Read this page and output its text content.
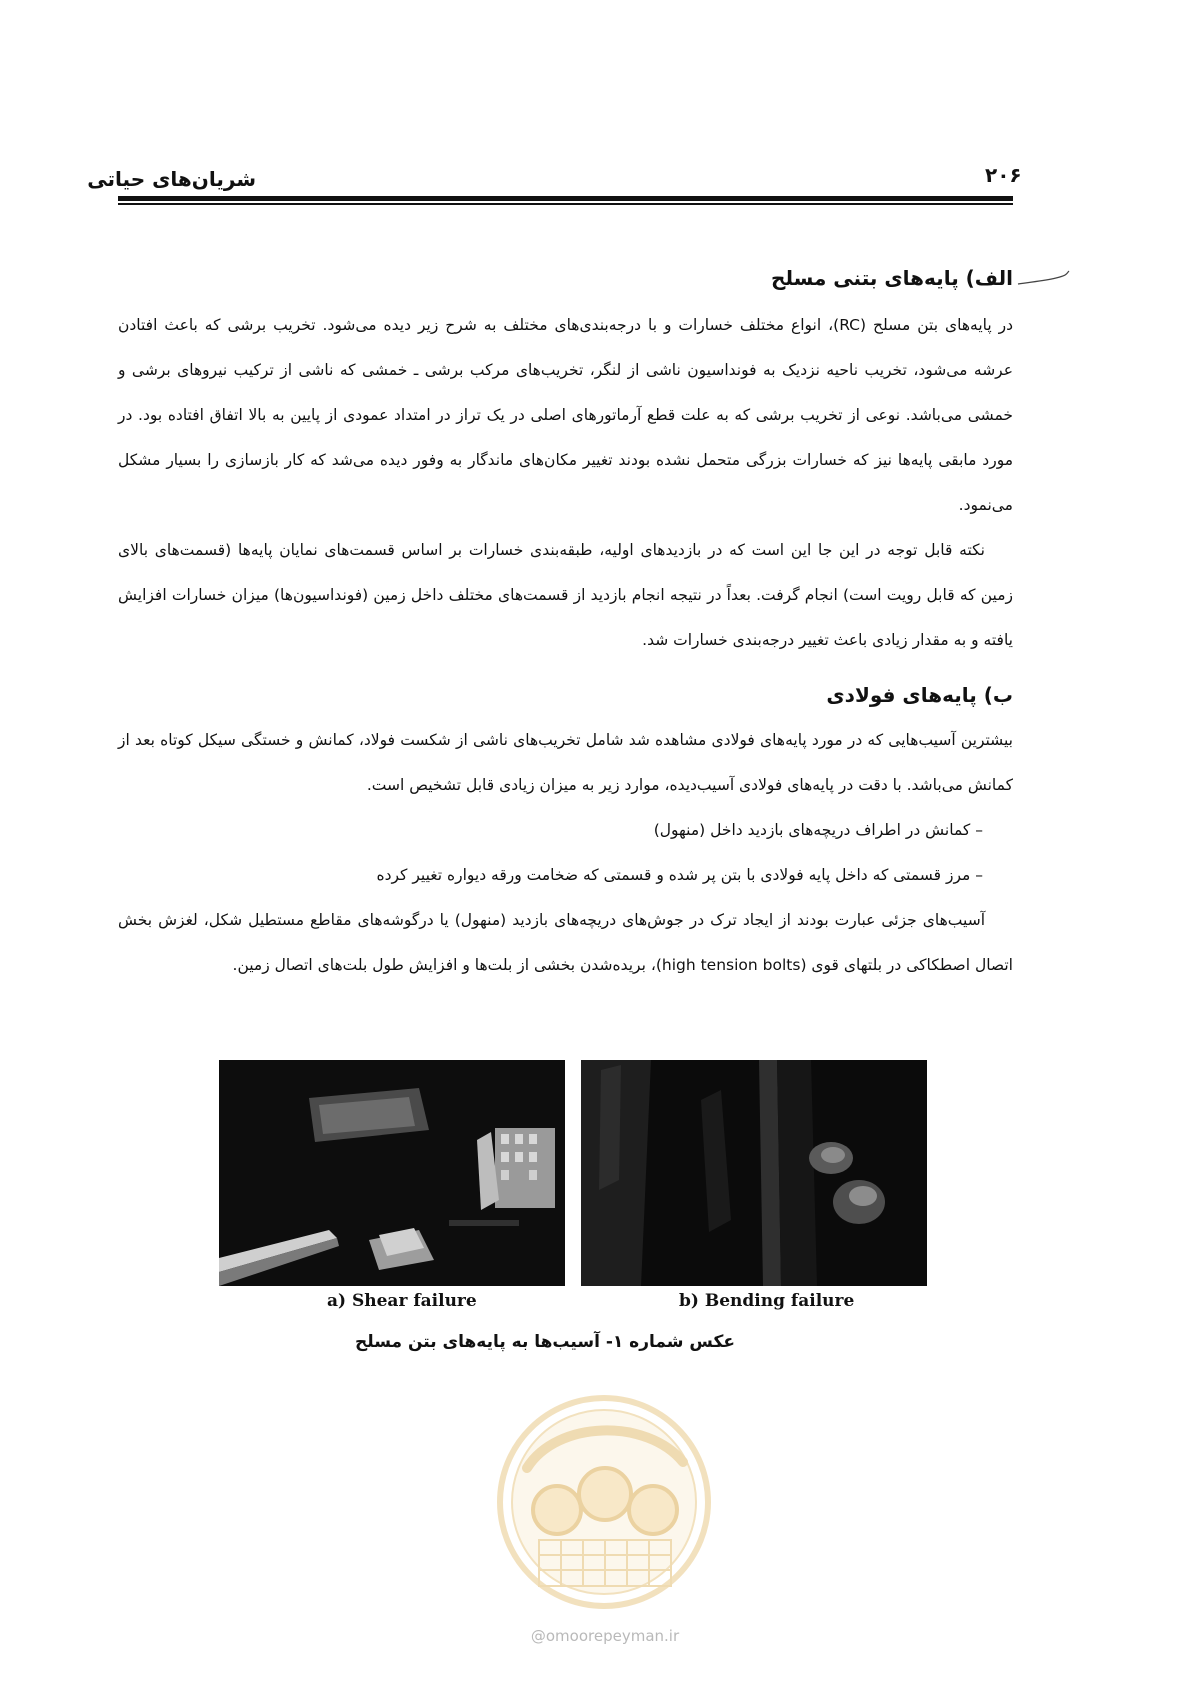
شریان‌های حیاتی	۲۰۶
الف) پایه‌های بتنی مسلح
در پایه‌های بتن مسلح (RC)، انواع مختلف خسارات و با درجه‌بندی‌های مختلف به شرح زیر دیده می‌شود. تخریب برشی که باعث افتادن عرشه می‌شود، تخریب ناحیه نزدیک به فونداسیون ناشی از لنگر، تخریب‌های مرکب برشی ـ خمشی که ناشی از ترکیب نیروهای برشی و خمشی می‌باشد. نوعی از تخریب برشی که به علت قطع آرماتورهای اصلی در یک تراز در امتداد عمودی از پایین به بالا اتفاق افتاده بود. در مورد مابقی پایه‌ها نیز که خسارات بزرگی متحمل نشده بودند تغییر مکان‌های ماندگار به وفور دیده می‌شد که کار بازسازی را بسیار مشکل می‌نمود.
نکته قابل توجه در این جا این است که در بازدیدهای اولیه، طبقه‌بندی خسارات بر اساس قسمت‌های نمایان پایه‌ها (قسمت‌های بالای زمین که قابل رویت است) انجام گرفت. بعداً در نتیجه انجام بازدید از قسمت‌های مختلف داخل زمین (فونداسیون‌ها) میزان خسارات افزایش یافته و به مقدار زیادی باعث تغییر درجه‌بندی خسارات شد.
ب) پایه‌های فولادی
بیشترین آسیب‌هایی که در مورد پایه‌های فولادی مشاهده شد شامل تخریب‌های ناشی از شکست فولاد، کمانش و خستگی سیکل کوتاه بعد از کمانش می‌باشد. با دقت در پایه‌های فولادی آسیب‌دیده، موارد زیر به میزان زیادی قابل تشخیص است.
– کمانش در اطراف دریچه‌های بازدید داخل (منهول)
– مرز قسمتی که داخل پایه فولادی با بتن پر شده و قسمتی که ضخامت ورقه دیواره تغییر کرده
آسیب‌های جزئی عبارت بودند از ایجاد ترک در جوش‌های دریچه‌های بازدید (منهول) یا درگوشه‌های مقاطع مستطیل شکل، لغزش بخش اتصال اصطکاکی در بلتهای قوی (high tension bolts)، بریده‌شدن بخشی از بلت‌ها و افزایش طول بلت‌های اتصال زمین.
a) Shear failure	b) Bending failure
عکس شماره ۱- آسیب‌ها به پایه‌های بتن مسلح
@omoorepeyman.ir
